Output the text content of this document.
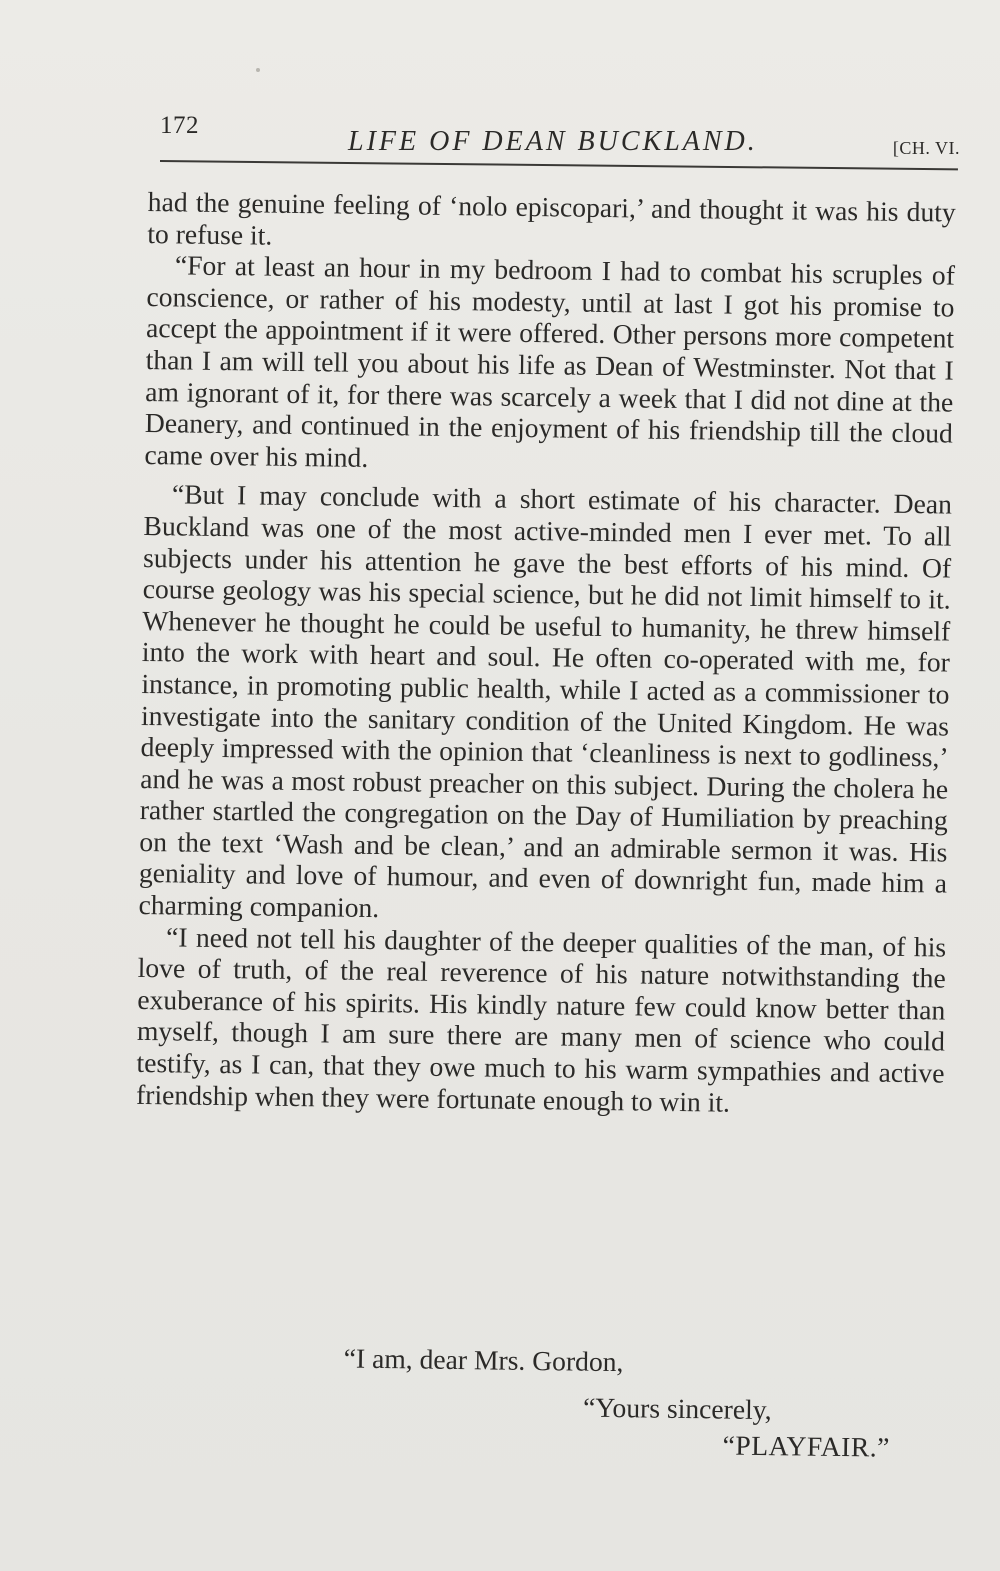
172
LIFE OF DEAN BUCKLAND.	[CH. VI.

had the genuine feeling of ‘nolo episcopari,’ and thought it was his duty to refuse it.

“For at least an hour in my bedroom I had to combat his scruples of conscience, or rather of his modesty, until at last I got his promise to accept the appointment if it were offered. Other persons more competent than I am will tell you about his life as Dean of Westminster. Not that I am ignorant of it, for there was scarcely a week that I did not dine at the Deanery, and continued in the enjoyment of his friendship till the cloud came over his mind.

“But I may conclude with a short estimate of his character. Dean Buckland was one of the most active-minded men I ever met. To all subjects under his attention he gave the best efforts of his mind. Of course geology was his special science, but he did not limit himself to it. Whenever he thought he could be useful to humanity, he threw himself into the work with heart and soul. He often co-operated with me, for instance, in promoting public health, while I acted as a commissioner to investigate into the sanitary condition of the United Kingdom. He was deeply impressed with the opinion that ‘cleanliness is next to godliness,’ and he was a most robust preacher on this subject. During the cholera he rather startled the congregation on the Day of Humiliation by preaching on the text ‘Wash and be clean,’ and an admirable sermon it was. His geniality and love of humour, and even of downright fun, made him a charming companion.

“I need not tell his daughter of the deeper qualities of the man, of his love of truth, of the real reverence of his nature notwithstanding the exuberance of his spirits. His kindly nature few could know better than myself, though I am sure there are many men of science who could testify, as I can, that they owe much to his warm sympathies and active friendship when they were fortunate enough to win it.

“I am, dear Mrs. Gordon,
“Yours sincerely,
“PLAYFAIR.”
